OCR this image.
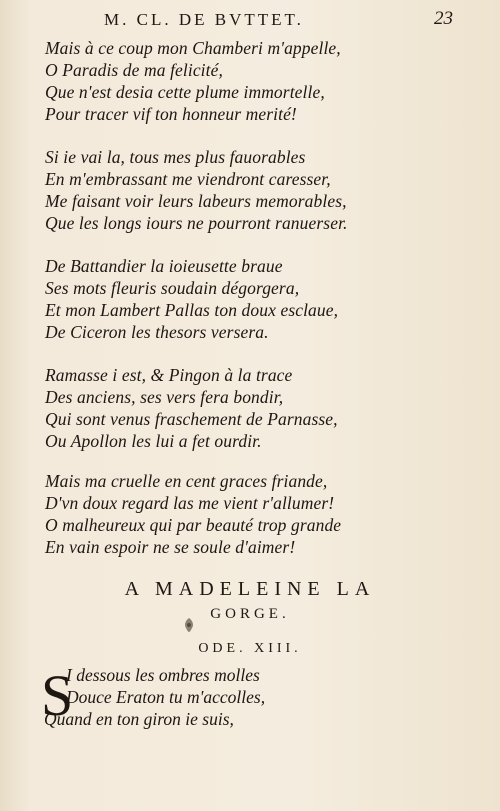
M. CL. DE BVTTET.	23
Mais à ce coup mon Chamberi m'appelle,
O Paradis de ma felicité,
Que n'est desia cette plume immortelle,
Pour tracer vif ton honneur merité!
Si ie vai la, tous mes plus fauorables
En m'embrassant me viendront caresser,
Me faisant voir leurs labeurs memorables,
Que les longs iours ne pourront ranuerser.
De Battandier la ioieusette braue
Ses mots fleuris soudain dégorgera,
Et mon Lambert Pallas ton doux esclaue,
De Ciceron les thesors versera.
Ramasse i est, & Pingon à la trace
Des anciens, ses vers fera bondir,
Qui sont venus fraschement de Parnasse,
Ou Apollon les lui a fet ourdir.
Mais ma cruelle en cent graces friande,
D'vn doux regard las me vient r'allumer!
O malheureux qui par beauté trop grande
En vain espoir ne se soule d'aimer!
A MADELEINE LA
GORGE.
ODE. XIII.
S
I dessous les ombres molles
Douce Eraton tu m'accolles,
Quand en ton giron ie suis,
